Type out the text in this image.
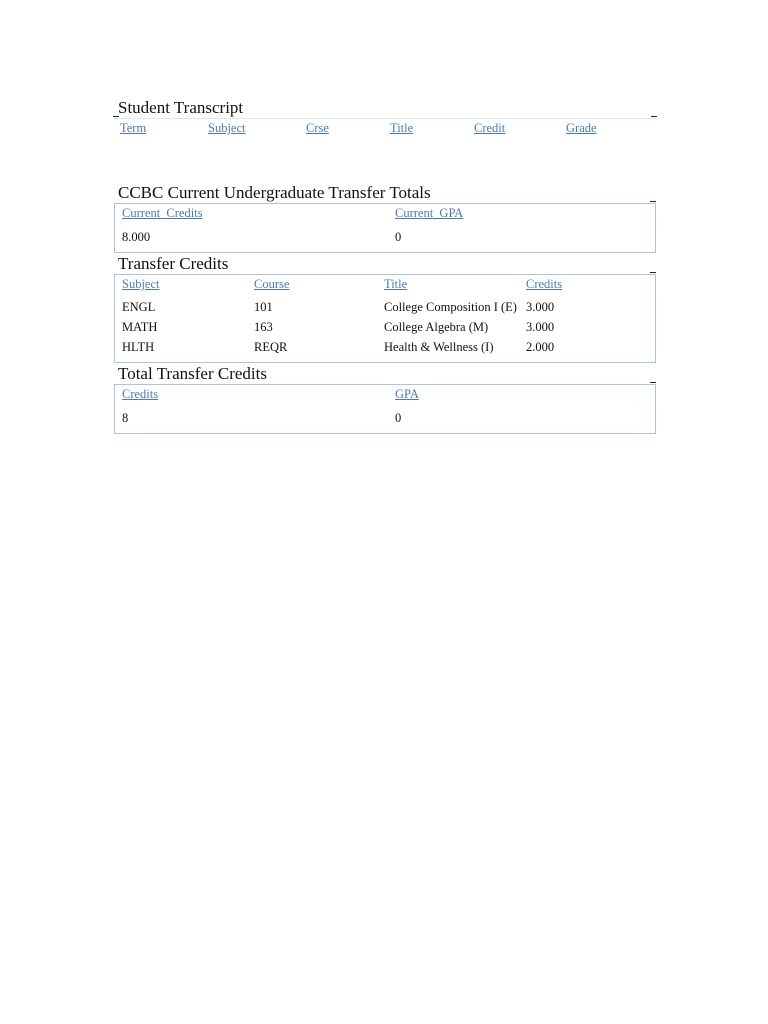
Student Transcript
Term	Subject	Crse	Title	Credit	Grade
CCBC Current Undergraduate Transfer Totals
Current_Credits	Current_GPA
8.000	0
Transfer Credits
Subject	Course	Title	Credits
ENGL	101	College Composition I (E) 3.000
MATH	163	College Algebra (M)	3.000
HLTH	REQR	Health & Wellness (I)	2.000
Total Transfer Credits
Credits	GPA
8	0
